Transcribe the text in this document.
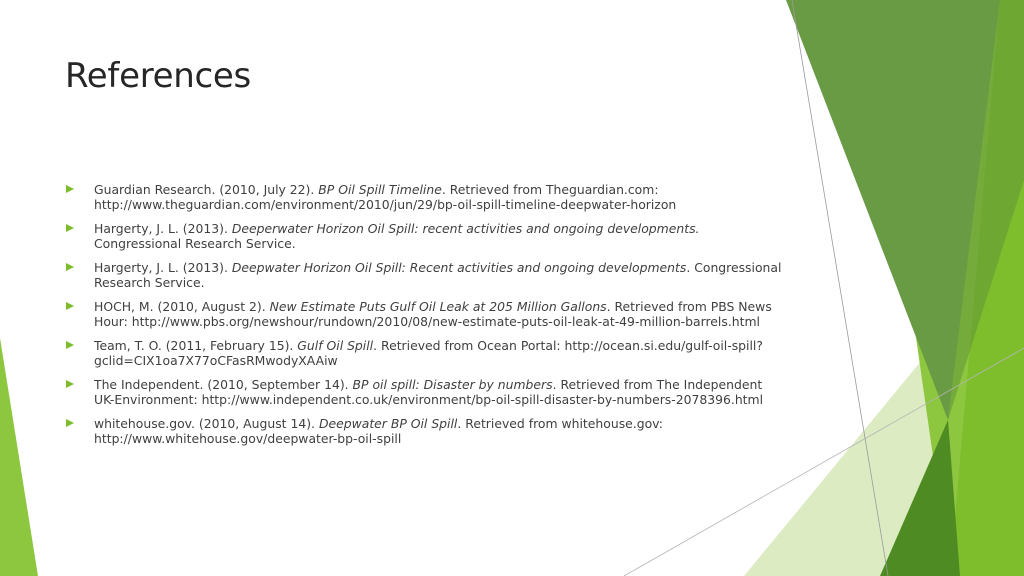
References
Guardian Research. (2010, July 22). BP Oil Spill Timeline. Retrieved from Theguardian.com: http://www.theguardian.com/environment/2010/jun/29/bp-oil-spill-timeline-deepwater-horizon
Hargerty, J. L. (2013). Deeperwater Horizon Oil Spill: recent activities and ongoing developments. Congressional Research Service.
Hargerty, J. L. (2013). Deepwater Horizon Oil Spill: Recent activities and ongoing developments. Congressional Research Service.
HOCH, M. (2010, August 2). New Estimate Puts Gulf Oil Leak at 205 Million Gallons. Retrieved from PBS News Hour: http://www.pbs.org/newshour/rundown/2010/08/new-estimate-puts-oil-leak-at-49-million-barrels.html
Team, T. O. (2011, February 15). Gulf Oil Spill. Retrieved from Ocean Portal: http://ocean.si.edu/gulf-oil-spill?gclid=CIX1oa7X77oCFasRMwodyXAAiw
The Independent. (2010, September 14). BP oil spill: Disaster by numbers. Retrieved from The Independent UK-Environment: http://www.independent.co.uk/environment/bp-oil-spill-disaster-by-numbers-2078396.html
whitehouse.gov. (2010, August 14). Deepwater BP Oil Spill. Retrieved from whitehouse.gov: http://www.whitehouse.gov/deepwater-bp-oil-spill
